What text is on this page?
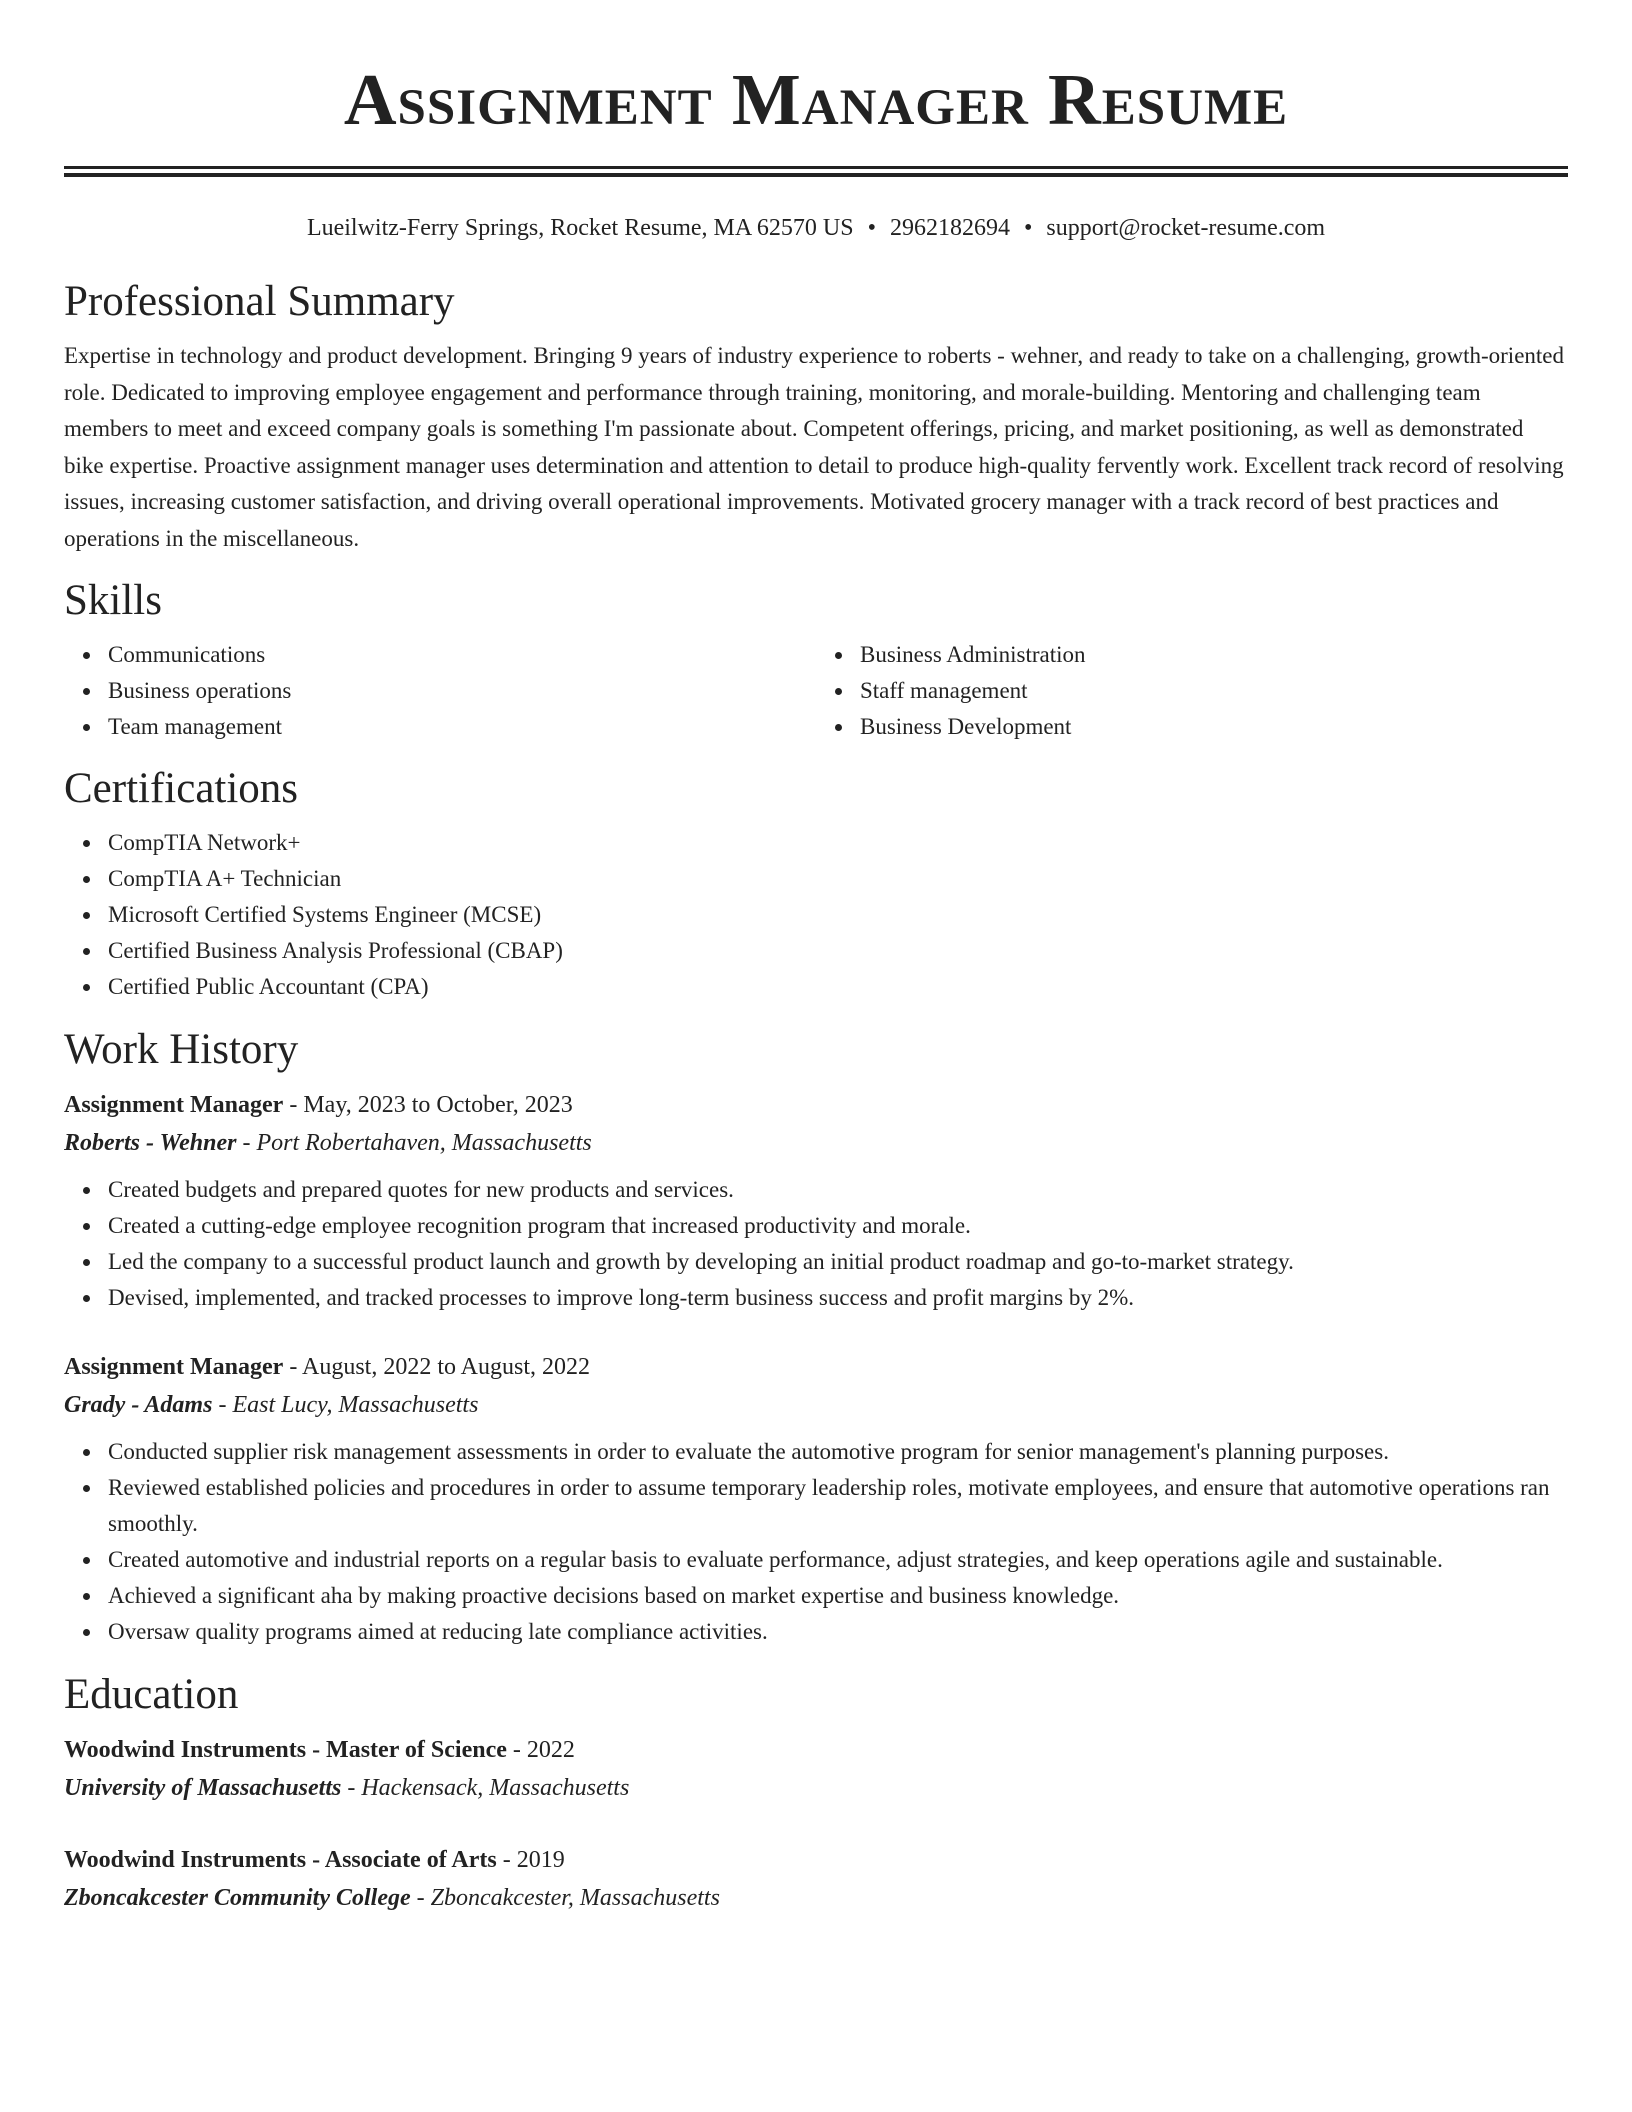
Assignment Manager Resume
Lueilwitz-Ferry Springs, Rocket Resume, MA 62570 US • 2962182694 • support@rocket-resume.com
Professional Summary

Expertise in technology and product development. Bringing 9 years of industry experience to roberts - wehner, and ready to take on a challenging, growth-oriented role. Dedicated to improving employee engagement and performance through training, monitoring, and morale-building. Mentoring and challenging team members to meet and exceed company goals is something I'm passionate about. Competent offerings, pricing, and market positioning, as well as demonstrated bike expertise. Proactive assignment manager uses determination and attention to detail to produce high-quality fervently work. Excellent track record of resolving issues, increasing customer satisfaction, and driving overall operational improvements. Motivated grocery manager with a track record of best practices and operations in the miscellaneous.

Skills
Communications
Business operations
Team management
Business Administration
Staff management
Business Development
Certifications
CompTIA Network+
CompTIA A+ Technician
Microsoft Certified Systems Engineer (MCSE)
Certified Business Analysis Professional (CBAP)
Certified Public Accountant (CPA)
Work History
Assignment Manager - May, 2023 to October, 2023
Roberts - Wehner - Port Robertahaven, Massachusetts
Created budgets and prepared quotes for new products and services.
Created a cutting-edge employee recognition program that increased productivity and morale.
Led the company to a successful product launch and growth by developing an initial product roadmap and go-to-market strategy.
Devised, implemented, and tracked processes to improve long-term business success and profit margins by 2%.
Assignment Manager - August, 2022 to August, 2022
Grady - Adams - East Lucy, Massachusetts
Conducted supplier risk management assessments in order to evaluate the automotive program for senior management's planning purposes.
Reviewed established policies and procedures in order to assume temporary leadership roles, motivate employees, and ensure that automotive operations ran smoothly.
Created automotive and industrial reports on a regular basis to evaluate performance, adjust strategies, and keep operations agile and sustainable.
Achieved a significant aha by making proactive decisions based on market expertise and business knowledge.
Oversaw quality programs aimed at reducing late compliance activities.
Education
Woodwind Instruments - Master of Science - 2022
University of Massachusetts - Hackensack, Massachusetts
Woodwind Instruments - Associate of Arts - 2019
Zboncakcester Community College - Zboncakcester, Massachusetts
